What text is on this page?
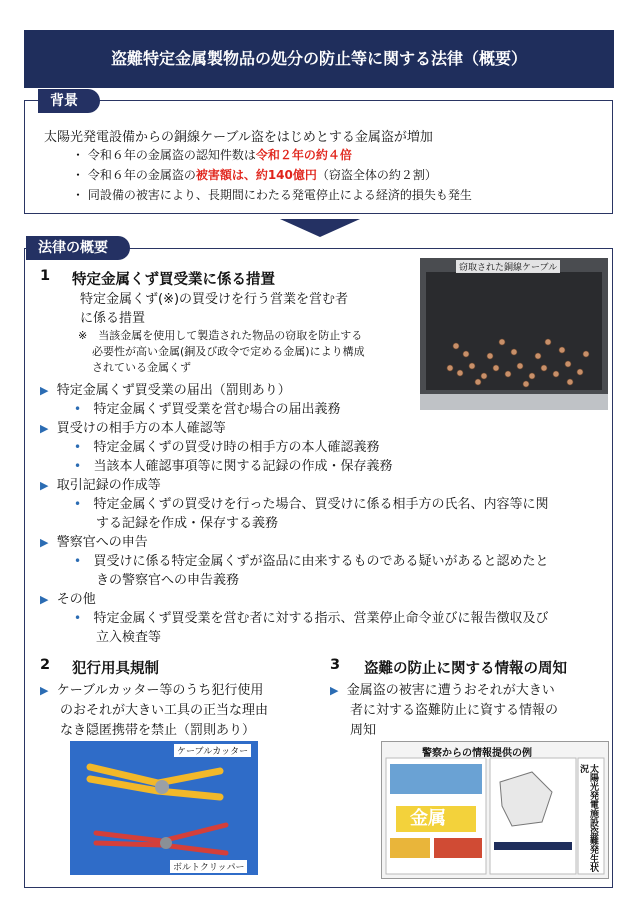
盗難特定金属製物品の処分の防止等に関する法律（概要）
背景
太陽光発電設備からの銅線ケーブル盗をはじめとする金属盗が増加
・ 令和６年の金属盗の認知件数は令和２年の約４倍
・ 令和６年の金属盗の被害額は、約140億円（窃盗全体の約２割）
・ 同設備の被害により、長期間にわたる発電停止による経済的損失も発生
法律の概要
1 特定金属くず買受業に係る措置
特定金属くず(※)の買受けを行う営業を営む者
に係る措置
※　当該金属を使用して製造された物品の窃取を防止する
必要性が高い金属(銅及び政令で定める金属)により構成
されている金属くず
窃取された銅線ケーブル
▶ 特定金属くず買受業の届出（罰則あり）
• 特定金属くず買受業を営む場合の届出義務
▶ 買受けの相手方の本人確認等
• 特定金属くずの買受け時の相手方の本人確認義務
• 当該本人確認事項等に関する記録の作成・保存義務
▶ 取引記録の作成等
• 特定金属くずの買受けを行った場合、買受けに係る相手方の氏名、内容等に関
する記録を作成・保存する義務
▶ 警察官への申告
• 買受けに係る特定金属くずが盗品に由来するものである疑いがあると認めたと
きの警察官への申告義務
▶ その他
• 特定金属くず買受業を営む者に対する指示、営業停止命令並びに報告徴収及び
立入検査等
2 犯行用具規制
▶ ケーブルカッター等のうち犯行使用
のおそれが大きい工具の正当な理由
なき隠匿携帯を禁止（罰則あり）
ケーブルカッター
ボルトクリッパー
3 盗難の防止に関する情報の周知
▶ 金属盗の被害に遭うおそれが大きい
者に対する盗難防止に資する情報の
周知
警察からの情報提供の例
金属	太陽光発電施設盗難発生状況
